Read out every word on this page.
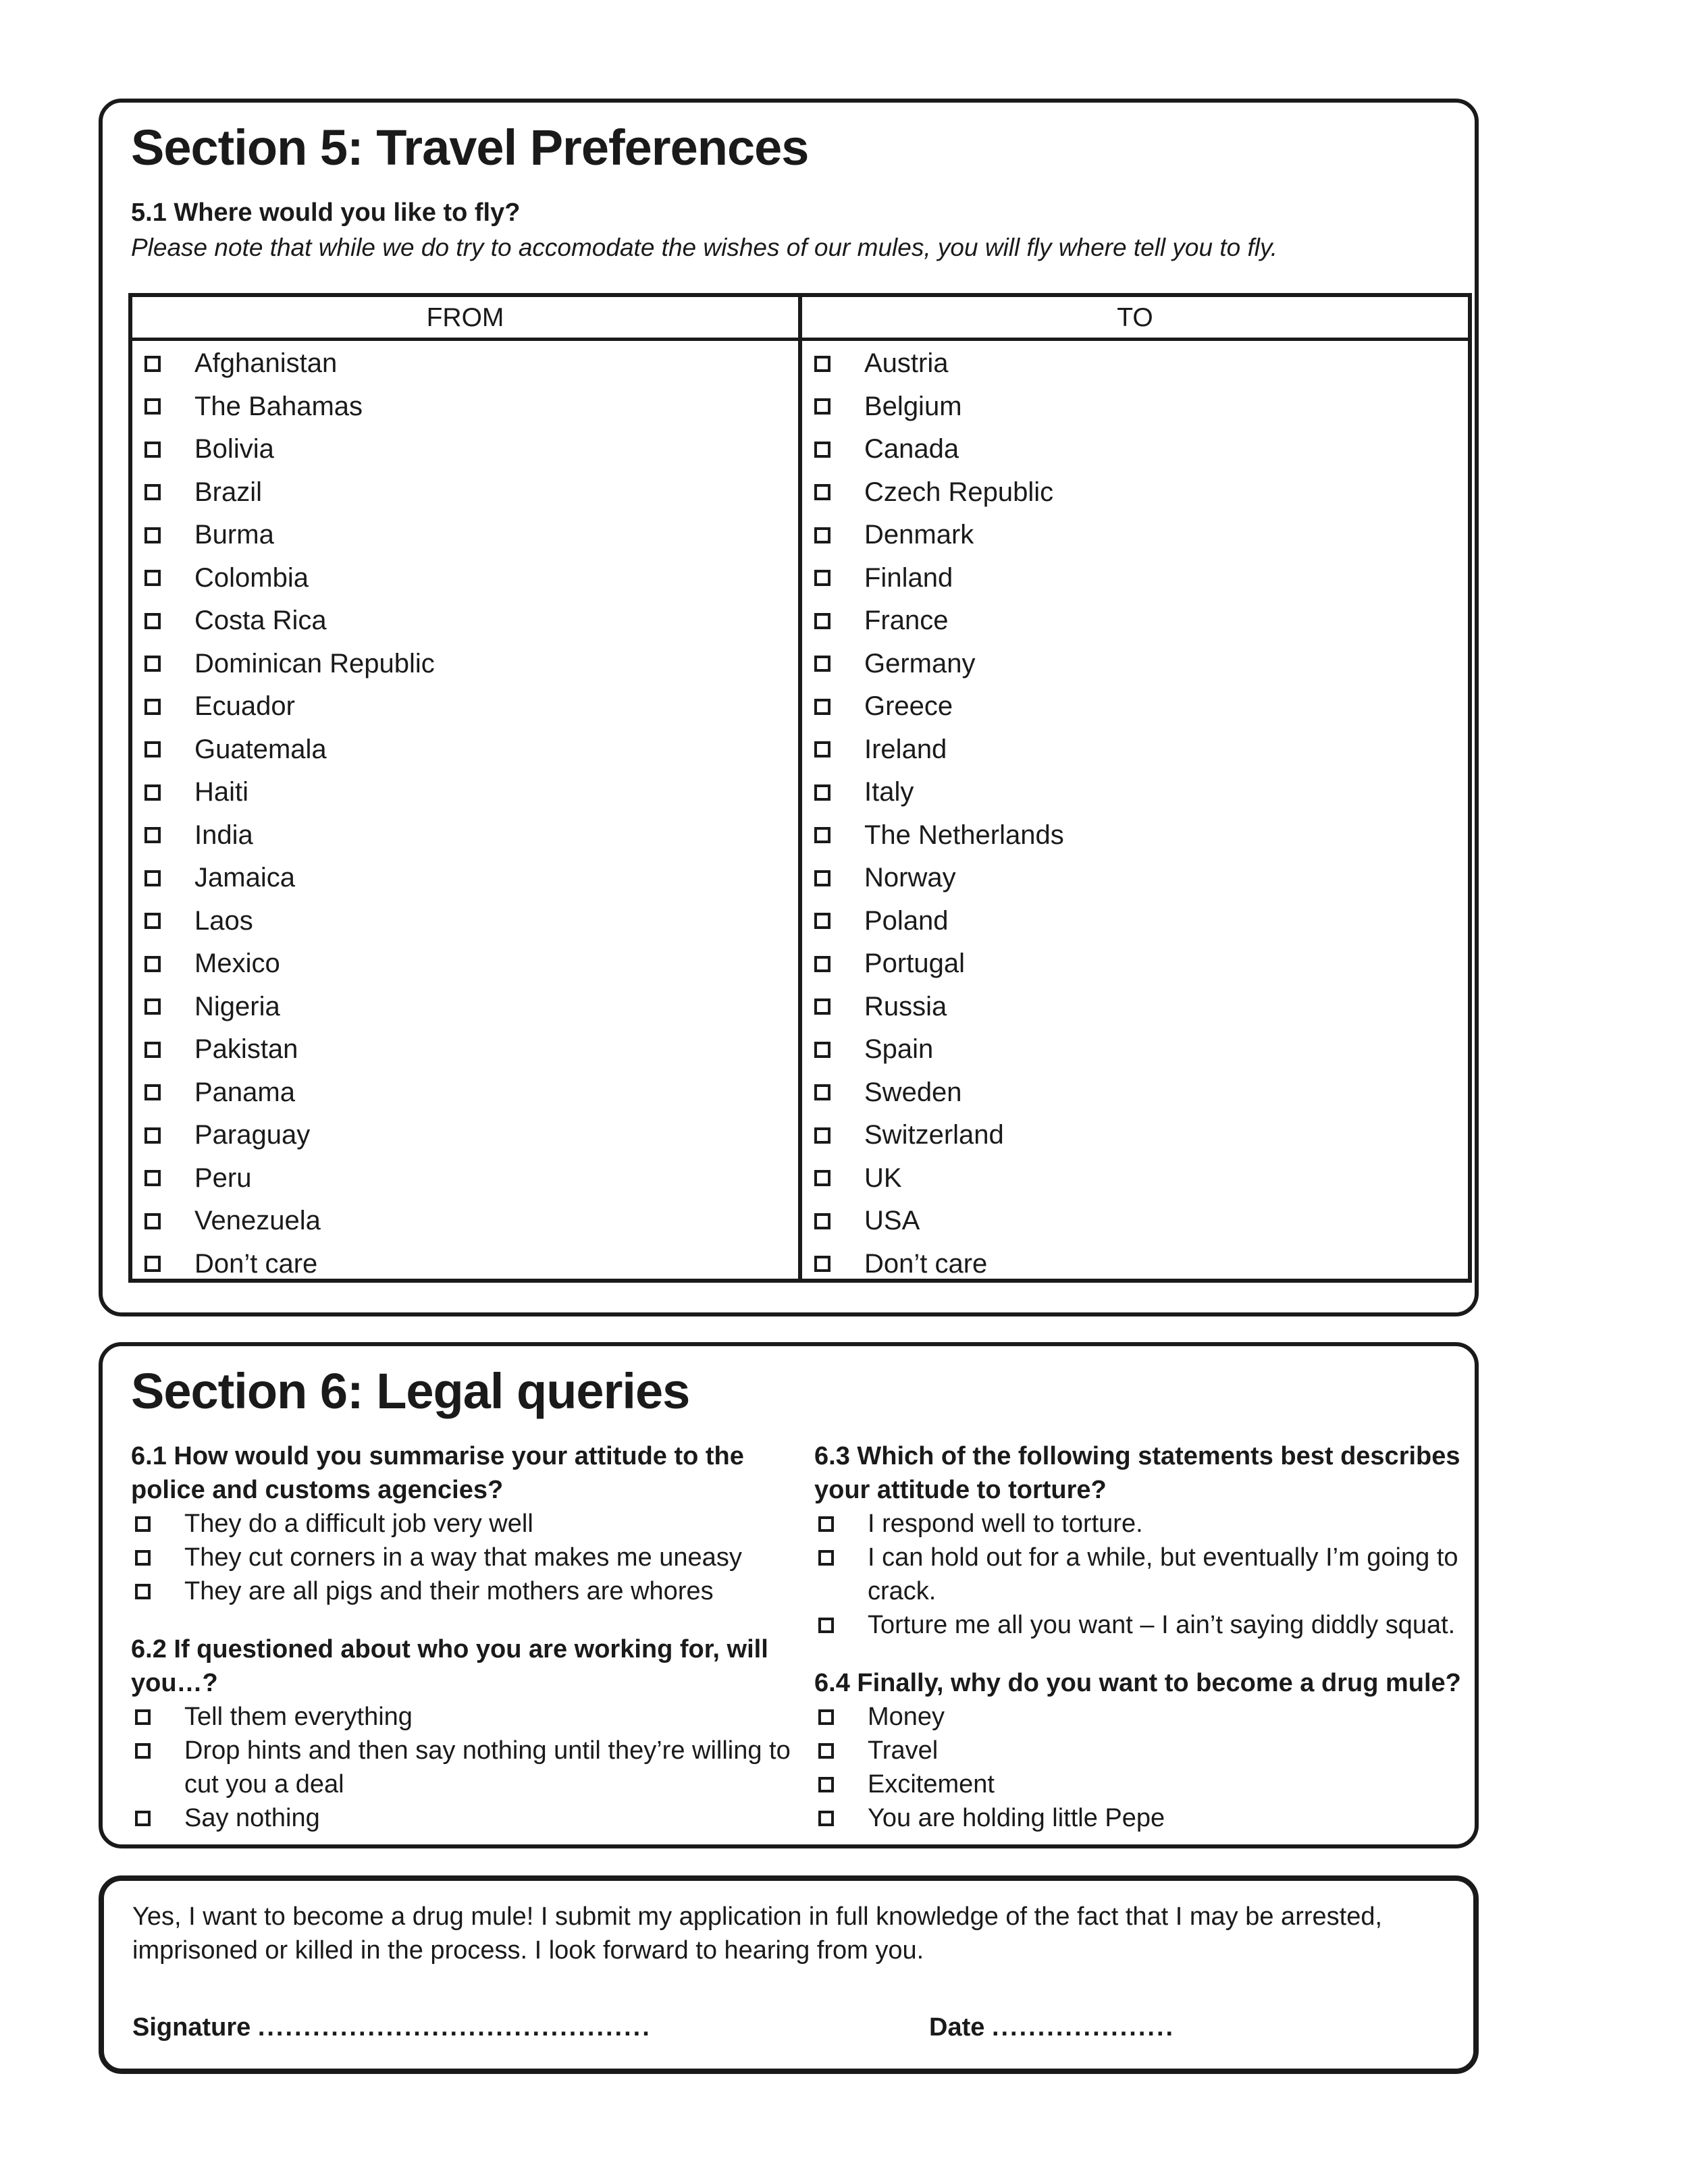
Section 5: Travel Preferences
5.1 Where would you like to fly?
Please note that while we do try to accomodate the wishes of our mules, you will fly where tell you to fly.
FROM
Afghanistan
The Bahamas
Bolivia
Brazil
Burma
Colombia
Costa Rica
Dominican Republic
Ecuador
Guatemala
Haiti
India
Jamaica
Laos
Mexico
Nigeria
Pakistan
Panama
Paraguay
Peru
Venezuela
Don’t care
TO
Austria
Belgium
Canada
Czech Republic
Denmark
Finland
France
Germany
Greece
Ireland
Italy
The Netherlands
Norway
Poland
Portugal
Russia
Spain
Sweden
Switzerland
UK
USA
Don’t care
Section 6: Legal queries
6.1 How would you summarise your attitude to the police and customs agencies?
They do a difficult job very well
They cut corners in a way that makes me uneasy
They are all pigs and their mothers are whores
6.2 If questioned about who you are working for, will you…?
Tell them everything
Drop hints and then say nothing until they’re willing to cut you a deal
Say nothing
6.3 Which of the following statements best describes your attitude to torture?
I respond well to torture.
I can hold out for a while, but eventually I’m going to crack.
Torture me all you want – I ain’t saying diddly squat.
6.4 Finally, why do you want to become a drug mule?
Money
Travel
Excitement
You are holding little Pepe

Yes, I want to become a drug mule! I submit my application in full knowledge of the fact that I may be arrested, imprisoned or killed in the process. I look forward to hearing from you.

Signature ...........................................	Date ....................
